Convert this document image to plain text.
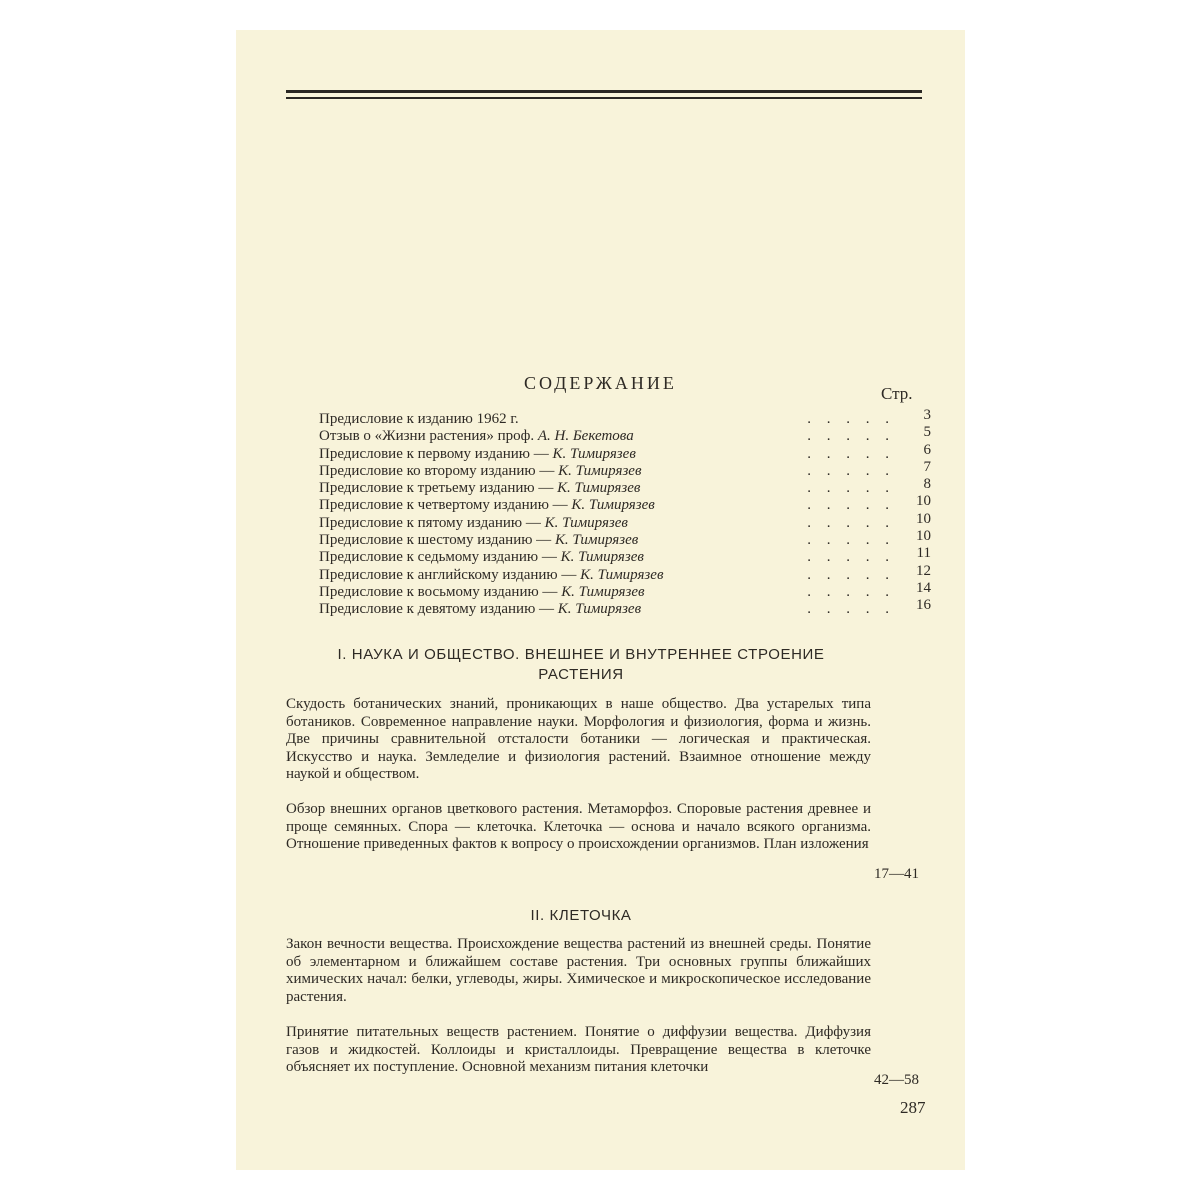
СОДЕРЖАНИЕ
Стр.
Предисловие к изданию 1962 г.	. . . . .	3
Отзыв о «Жизни растения» проф. А. Н. Бекетова	. . . . .	5
Предисловие к первому изданию — К. Тимирязев	. . . . .	6
Предисловие ко второму изданию — К. Тимирязев	. . . . .	7
Предисловие к третьему изданию — К. Тимирязев	. . . . .	8
Предисловие к четвертому изданию — К. Тимирязев	. . . . .	10
Предисловие к пятому изданию — К. Тимирязев	. . . . .	10
Предисловие к шестому изданию — К. Тимирязев	. . . . .	10
Предисловие к седьмому изданию — К. Тимирязев	. . . . .	11
Предисловие к английскому изданию — К. Тимирязев	. . . . .	12
Предисловие к восьмому изданию — К. Тимирязев	. . . . .	14
Предисловие к девятому изданию — К. Тимирязев	. . . . .	16
I. НАУКА И ОБЩЕСТВО. ВНЕШНЕЕ И ВНУТРЕННЕЕ СТРОЕНИЕ
РАСТЕНИЯ
Скудость ботанических знаний, проникающих в наше общество. Два устарелых типа ботаников. Современное направление науки. Морфология и физиология, форма и жизнь. Две причины сравнительной отсталости ботаники — логическая и практическая. Искусство и наука. Земледелие и физиология растений. Взаимное отношение между наукой и обществом.
Обзор внешних органов цветкового растения. Метаморфоз. Споровые растения древнее и проще семянных. Спора — клеточка. Клеточка — основа и начало всякого организма. Отношение приведенных фактов к вопросу о происхождении организмов. План изложения
17—41
II. КЛЕТОЧКА
Закон вечности вещества. Происхождение вещества растений из внешней среды. Понятие об элементарном и ближайшем составе растения. Три основных группы ближайших химических начал: белки, углеводы, жиры. Химическое и микроскопическое исследование растения.
Принятие питательных веществ растением. Понятие о диффузии вещества. Диффузия газов и жидкостей. Коллоиды и кристаллоиды. Превращение вещества в клеточке объясняет их поступление. Основной механизм питания клеточки
42—58
287
